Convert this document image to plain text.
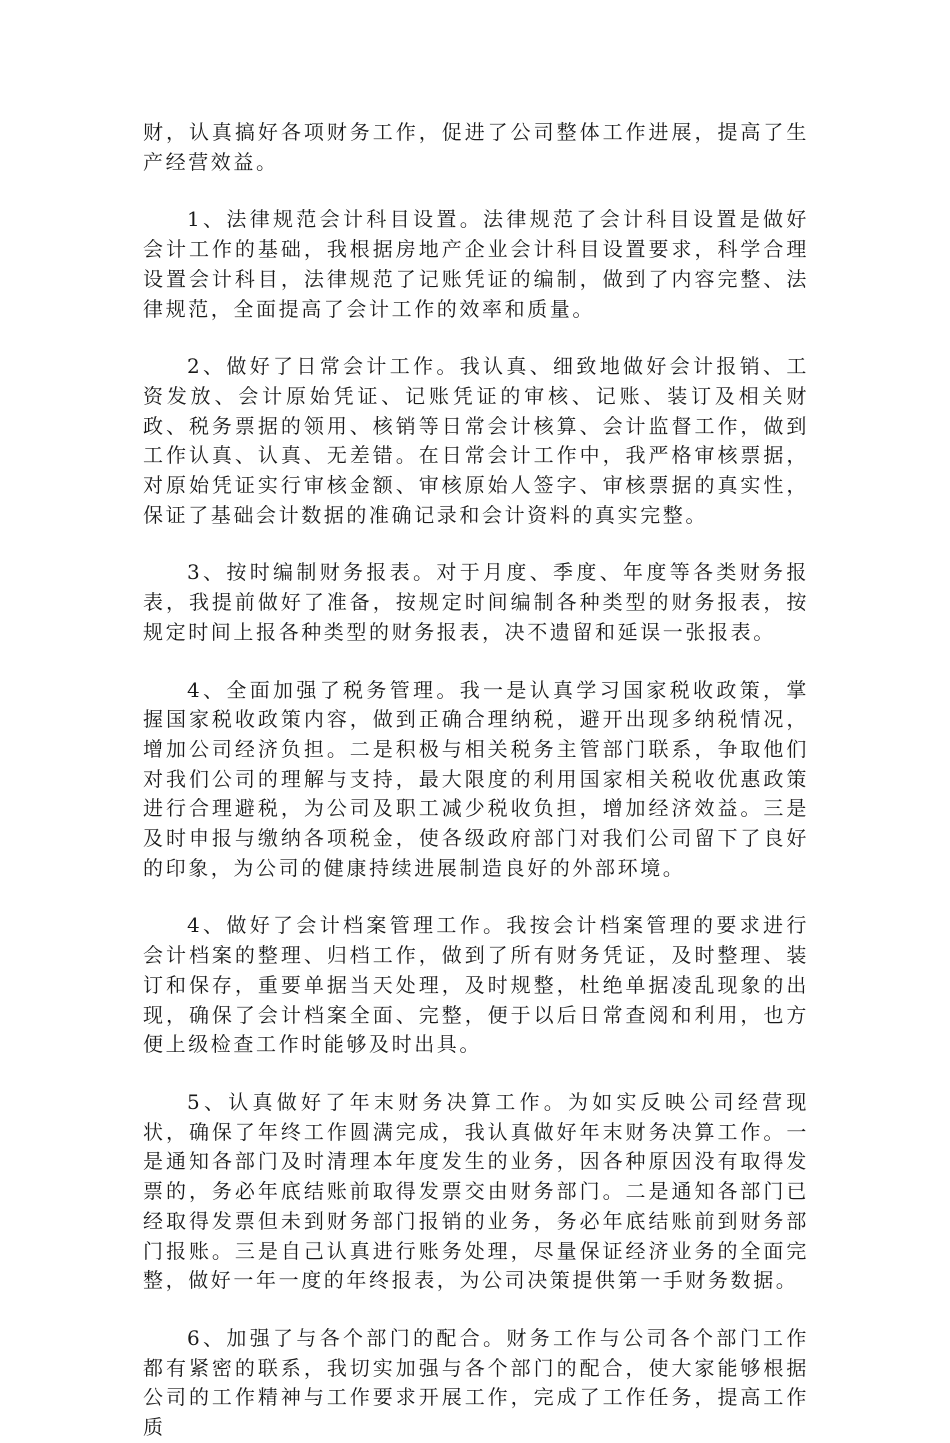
财，认真搞好各项财务工作，促进了公司整体工作进展，提高了生产经营效益。

1、法律规范会计科目设置。法律规范了会计科目设置是做好会计工作的基础，我根据房地产企业会计科目设置要求，科学合理设置会计科目，法律规范了记账凭证的编制，做到了内容完整、法律规范，全面提高了会计工作的效率和质量。

2、做好了日常会计工作。我认真、细致地做好会计报销、工资发放、会计原始凭证、记账凭证的审核、记账、装订及相关财政、税务票据的领用、核销等日常会计核算、会计监督工作，做到工作认真、认真、无差错。在日常会计工作中，我严格审核票据，对原始凭证实行审核金额、审核原始人签字、审核票据的真实性，保证了基础会计数据的准确记录和会计资料的真实完整。

3、按时编制财务报表。对于月度、季度、年度等各类财务报表，我提前做好了准备，按规定时间编制各种类型的财务报表，按规定时间上报各种类型的财务报表，决不遗留和延误一张报表。

4、全面加强了税务管理。我一是认真学习国家税收政策，掌握国家税收政策内容，做到正确合理纳税，避开出现多纳税情况，增加公司经济负担。二是积极与相关税务主管部门联系，争取他们对我们公司的理解与支持，最大限度的利用国家相关税收优惠政策进行合理避税，为公司及职工减少税收负担，增加经济效益。三是及时申报与缴纳各项税金，使各级政府部门对我们公司留下了良好的印象，为公司的健康持续进展制造良好的外部环境。

4、做好了会计档案管理工作。我按会计档案管理的要求进行会计档案的整理、归档工作，做到了所有财务凭证，及时整理、装订和保存，重要单据当天处理，及时规整，杜绝单据凌乱现象的出现，确保了会计档案全面、完整，便于以后日常查阅和利用，也方便上级检查工作时能够及时出具。

5、认真做好了年末财务决算工作。为如实反映公司经营现状，确保了年终工作圆满完成，我认真做好年末财务决算工作。一是通知各部门及时清理本年度发生的业务，因各种原因没有取得发票的，务必年底结账前取得发票交由财务部门。二是通知各部门已经取得发票但未到财务部门报销的业务，务必年底结账前到财务部门报账。三是自己认真进行账务处理，尽量保证经济业务的全面完整，做好一年一度的年终报表，为公司决策提供第一手财务数据。

6、加强了与各个部门的配合。财务工作与公司各个部门工作都有紧密的联系，我切实加强与各个部门的配合，使大家能够根据公司的工作精神与工作要求开展工作，完成了工作任务，提高工作质
